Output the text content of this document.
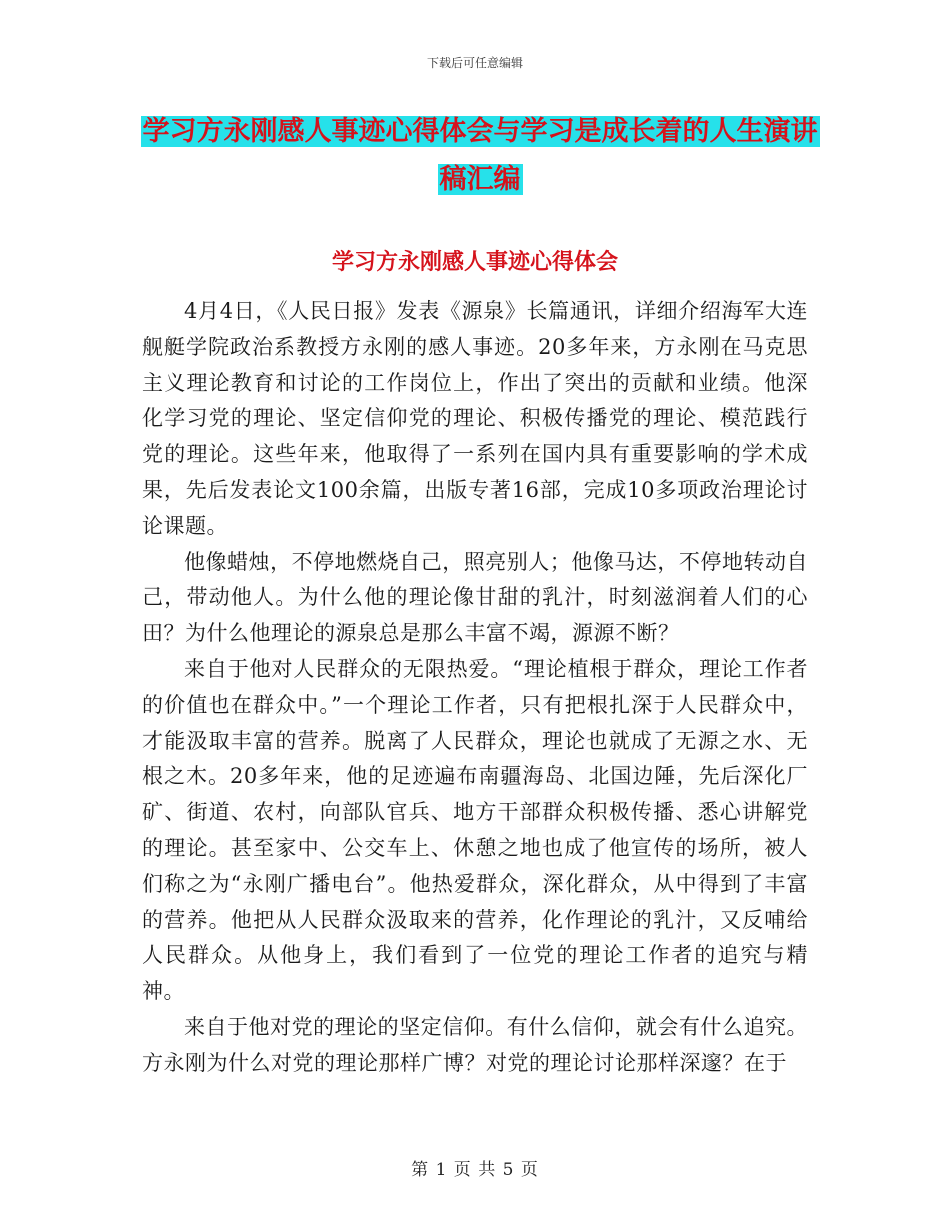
下载后可任意编辑
学习方永刚感人事迹心得体会与学习是成长着的人生演讲稿汇编
学习方永刚感人事迹心得体会

4月4日，《人民日报》发表《源泉》长篇通讯，详细介绍海军大连舰艇学院政治系教授方永刚的感人事迹。20多年来，方永刚在马克思主义理论教育和讨论的工作岗位上，作出了突出的贡献和业绩。他深化学习党的理论、坚定信仰党的理论、积极传播党的理论、模范践行党的理论。这些年来，他取得了一系列在国内具有重要影响的学术成果，先后发表论文100余篇，出版专著16部，完成10多项政治理论讨论课题。

他像蜡烛，不停地燃烧自己，照亮别人；他像马达，不停地转动自己，带动他人。为什么他的理论像甘甜的乳汁，时刻滋润着人们的心田？为什么他理论的源泉总是那么丰富不竭，源源不断？

来自于他对人民群众的无限热爱。“理论植根于群众，理论工作者的价值也在群众中。”一个理论工作者，只有把根扎深于人民群众中，才能汲取丰富的营养。脱离了人民群众，理论也就成了无源之水、无根之木。20多年来，他的足迹遍布南疆海岛、北国边陲，先后深化厂矿、街道、农村，向部队官兵、地方干部群众积极传播、悉心讲解党的理论。甚至家中、公交车上、休憩之地也成了他宣传的场所，被人们称之为“永刚广播电台”。他热爱群众，深化群众，从中得到了丰富的营养。他把从人民群众汲取来的营养，化作理论的乳汁，又反哺给人民群众。从他身上，我们看到了一位党的理论工作者的追究与精神。

来自于他对党的理论的坚定信仰。有什么信仰，就会有什么追究。方永刚为什么对党的理论那样广博？对党的理论讨论那样深邃？在于

第 1 页 共 5 页
